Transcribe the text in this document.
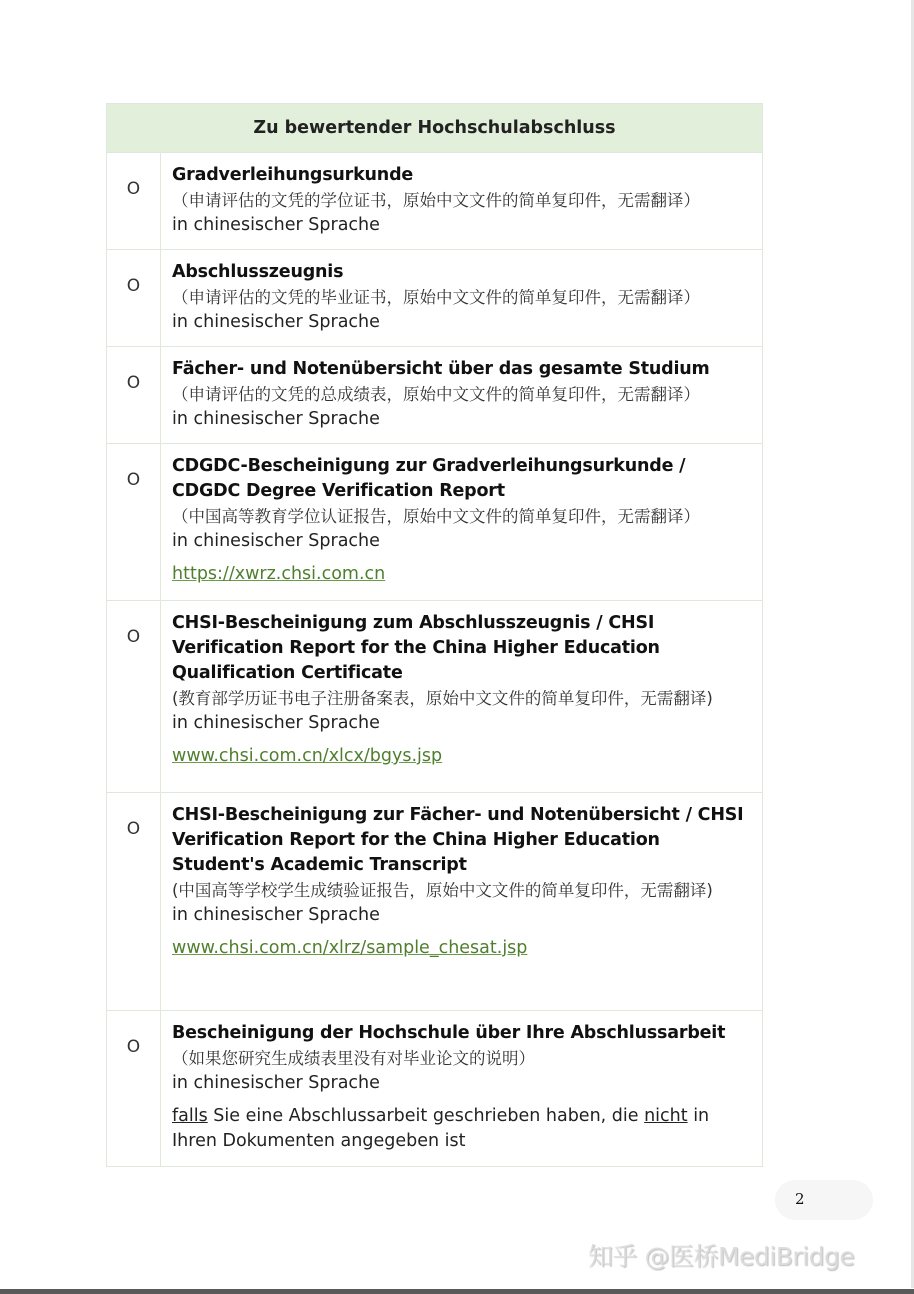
Zu bewertender Hochschulabschluss	
O	Gradverleihungsurkunde
（申请评估的文凭的学位证书，原始中文文件的简单复印件，无需翻译）
in chinesischer Sprache

O	Abschlusszeugnis
（申请评估的文凭的毕业证书，原始中文文件的简单复印件，无需翻译）
in chinesischer Sprache

O	Fächer- und Notenübersicht über das gesamte Studium
（申请评估的文凭的总成绩表，原始中文文件的简单复印件，无需翻译）
in chinesischer Sprache

O	CDGDC-Bescheinigung zur Gradverleihungsurkunde / CDGDC Degree Verification Report
（中国高等教育学位认证报告，原始中文文件的简单复印件，无需翻译）
in chinesischer Sprache
https://xwrz.chsi.com.cn
O	CHSI-Bescheinigung zum Abschlusszeugnis / CHSI Verification Report for the China Higher Education Qualification Certificate
(教育部学历证书电子注册备案表，原始中文文件的简单复印件，无需翻译)
in chinesischer Sprache
www.chsi.com.cn/xlcx/bgys.jsp
O	CHSI-Bescheinigung zur Fächer- und Notenübersicht / CHSI Verification Report for the China Higher Education Student's Academic Transcript
(中国高等学校学生成绩验证报告，原始中文文件的简单复印件，无需翻译)
in chinesischer Sprache
www.chsi.com.cn/xlrz/sample_chesat.jsp
O	Bescheinigung der Hochschule über Ihre Abschlussarbeit
（如果您研究生成绩表里没有对毕业论文的说明）
in chinesischer Sprache
falls Sie eine Abschlussarbeit geschrieben haben, die nicht in Ihren Dokumenten angegeben ist
2
知乎 @医桥MediBridge
